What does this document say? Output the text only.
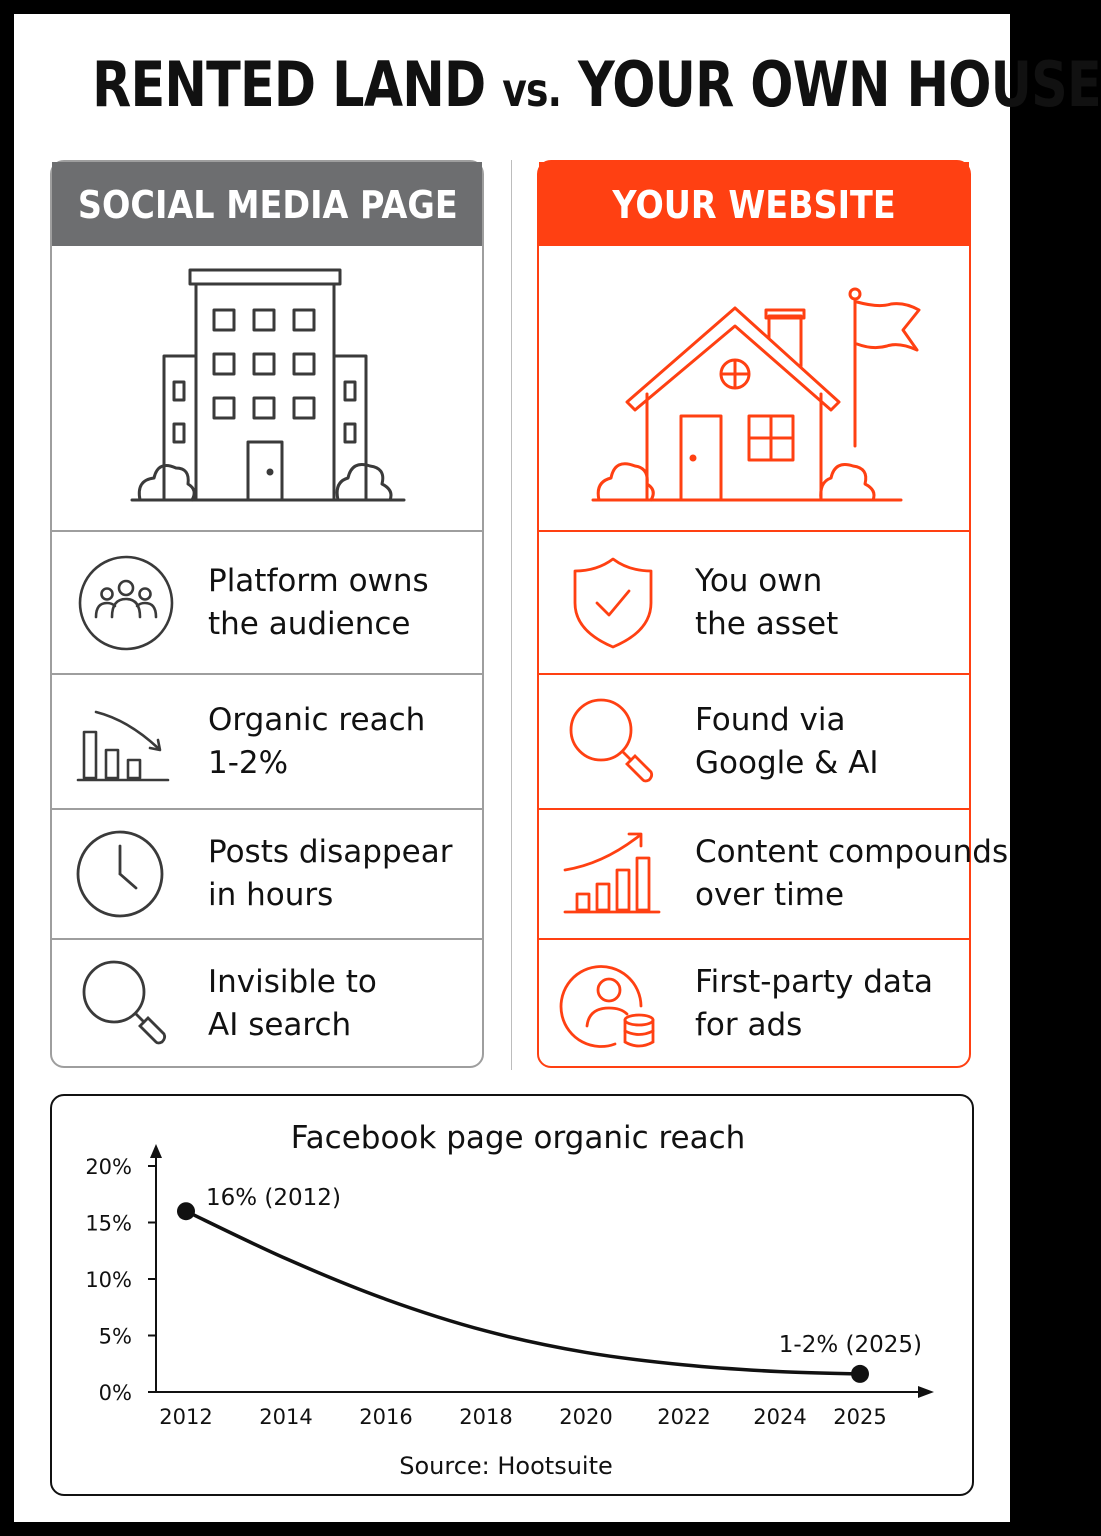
RENTED LAND vs. YOUR OWN HOUSE
SOCIAL MEDIA PAGE
Platform owns
the audience
Organic reach
1-2%
Posts disappear
in hours
Invisible to
AI search
YOUR WEBSITE
You own
the asset
Found via
Google & AI
Content compounds
over time
First-party data
for ads
Facebook page organic reach
0%
5%
10%
15%
20%
2012 2014 2016 2018 2020 2022 2024 2025
16% (2012)
1-2% (2025)
Source: Hootsuite
